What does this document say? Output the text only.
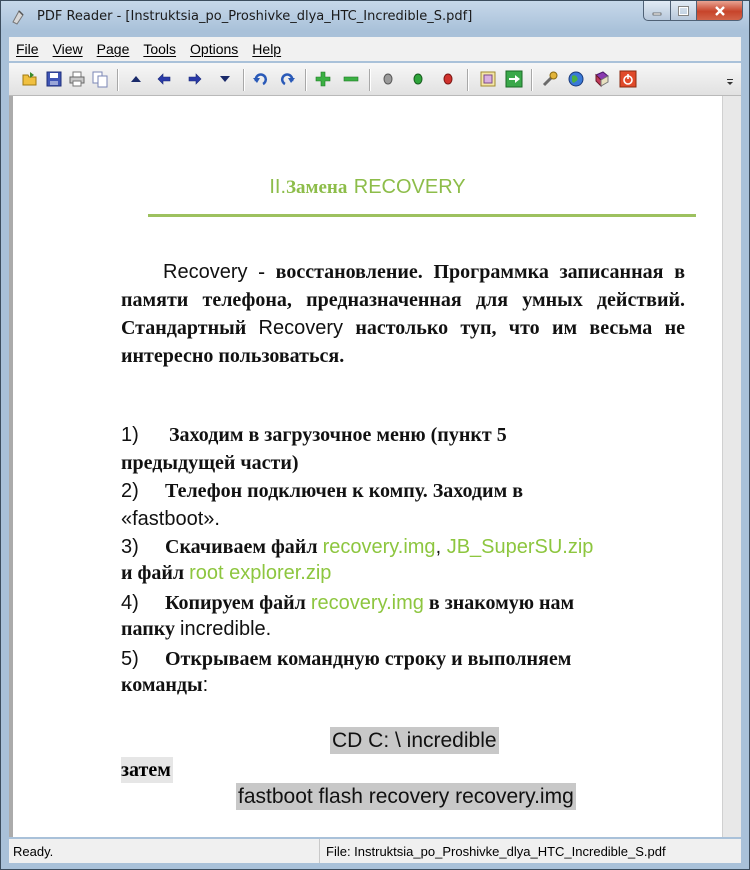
PDF Reader - [Instruktsia_po_Proshivke_dlya_HTC_Incredible_S.pdf]
File	View	Page	Tools	Options	Help
II.Замена RECOVERY
Recovery - восстановление. Программка записанная в памяти телефона, предназначенная для умных действий. Стандартный Recovery настолько туп, что им весьма не интересно пользоваться.
1) Заходим в загрузочное меню (пункт 5
предыдущей части)
2) Телефон подключен к компу. Заходим в
«fastboot».
3) Скачиваем файл recovery.img, JB_SuperSU.zip
и файл root explorer.zip
4) Копируем файл recovery.img в знакомую нам
папку incredible.
5) Открываем командную строку и выполняем
команды:
CD C: \ incredible
затем
fastboot flash recovery recovery.img
Ready.	File: Instruktsia_po_Proshivke_dlya_HTC_Incredible_S.pdf
